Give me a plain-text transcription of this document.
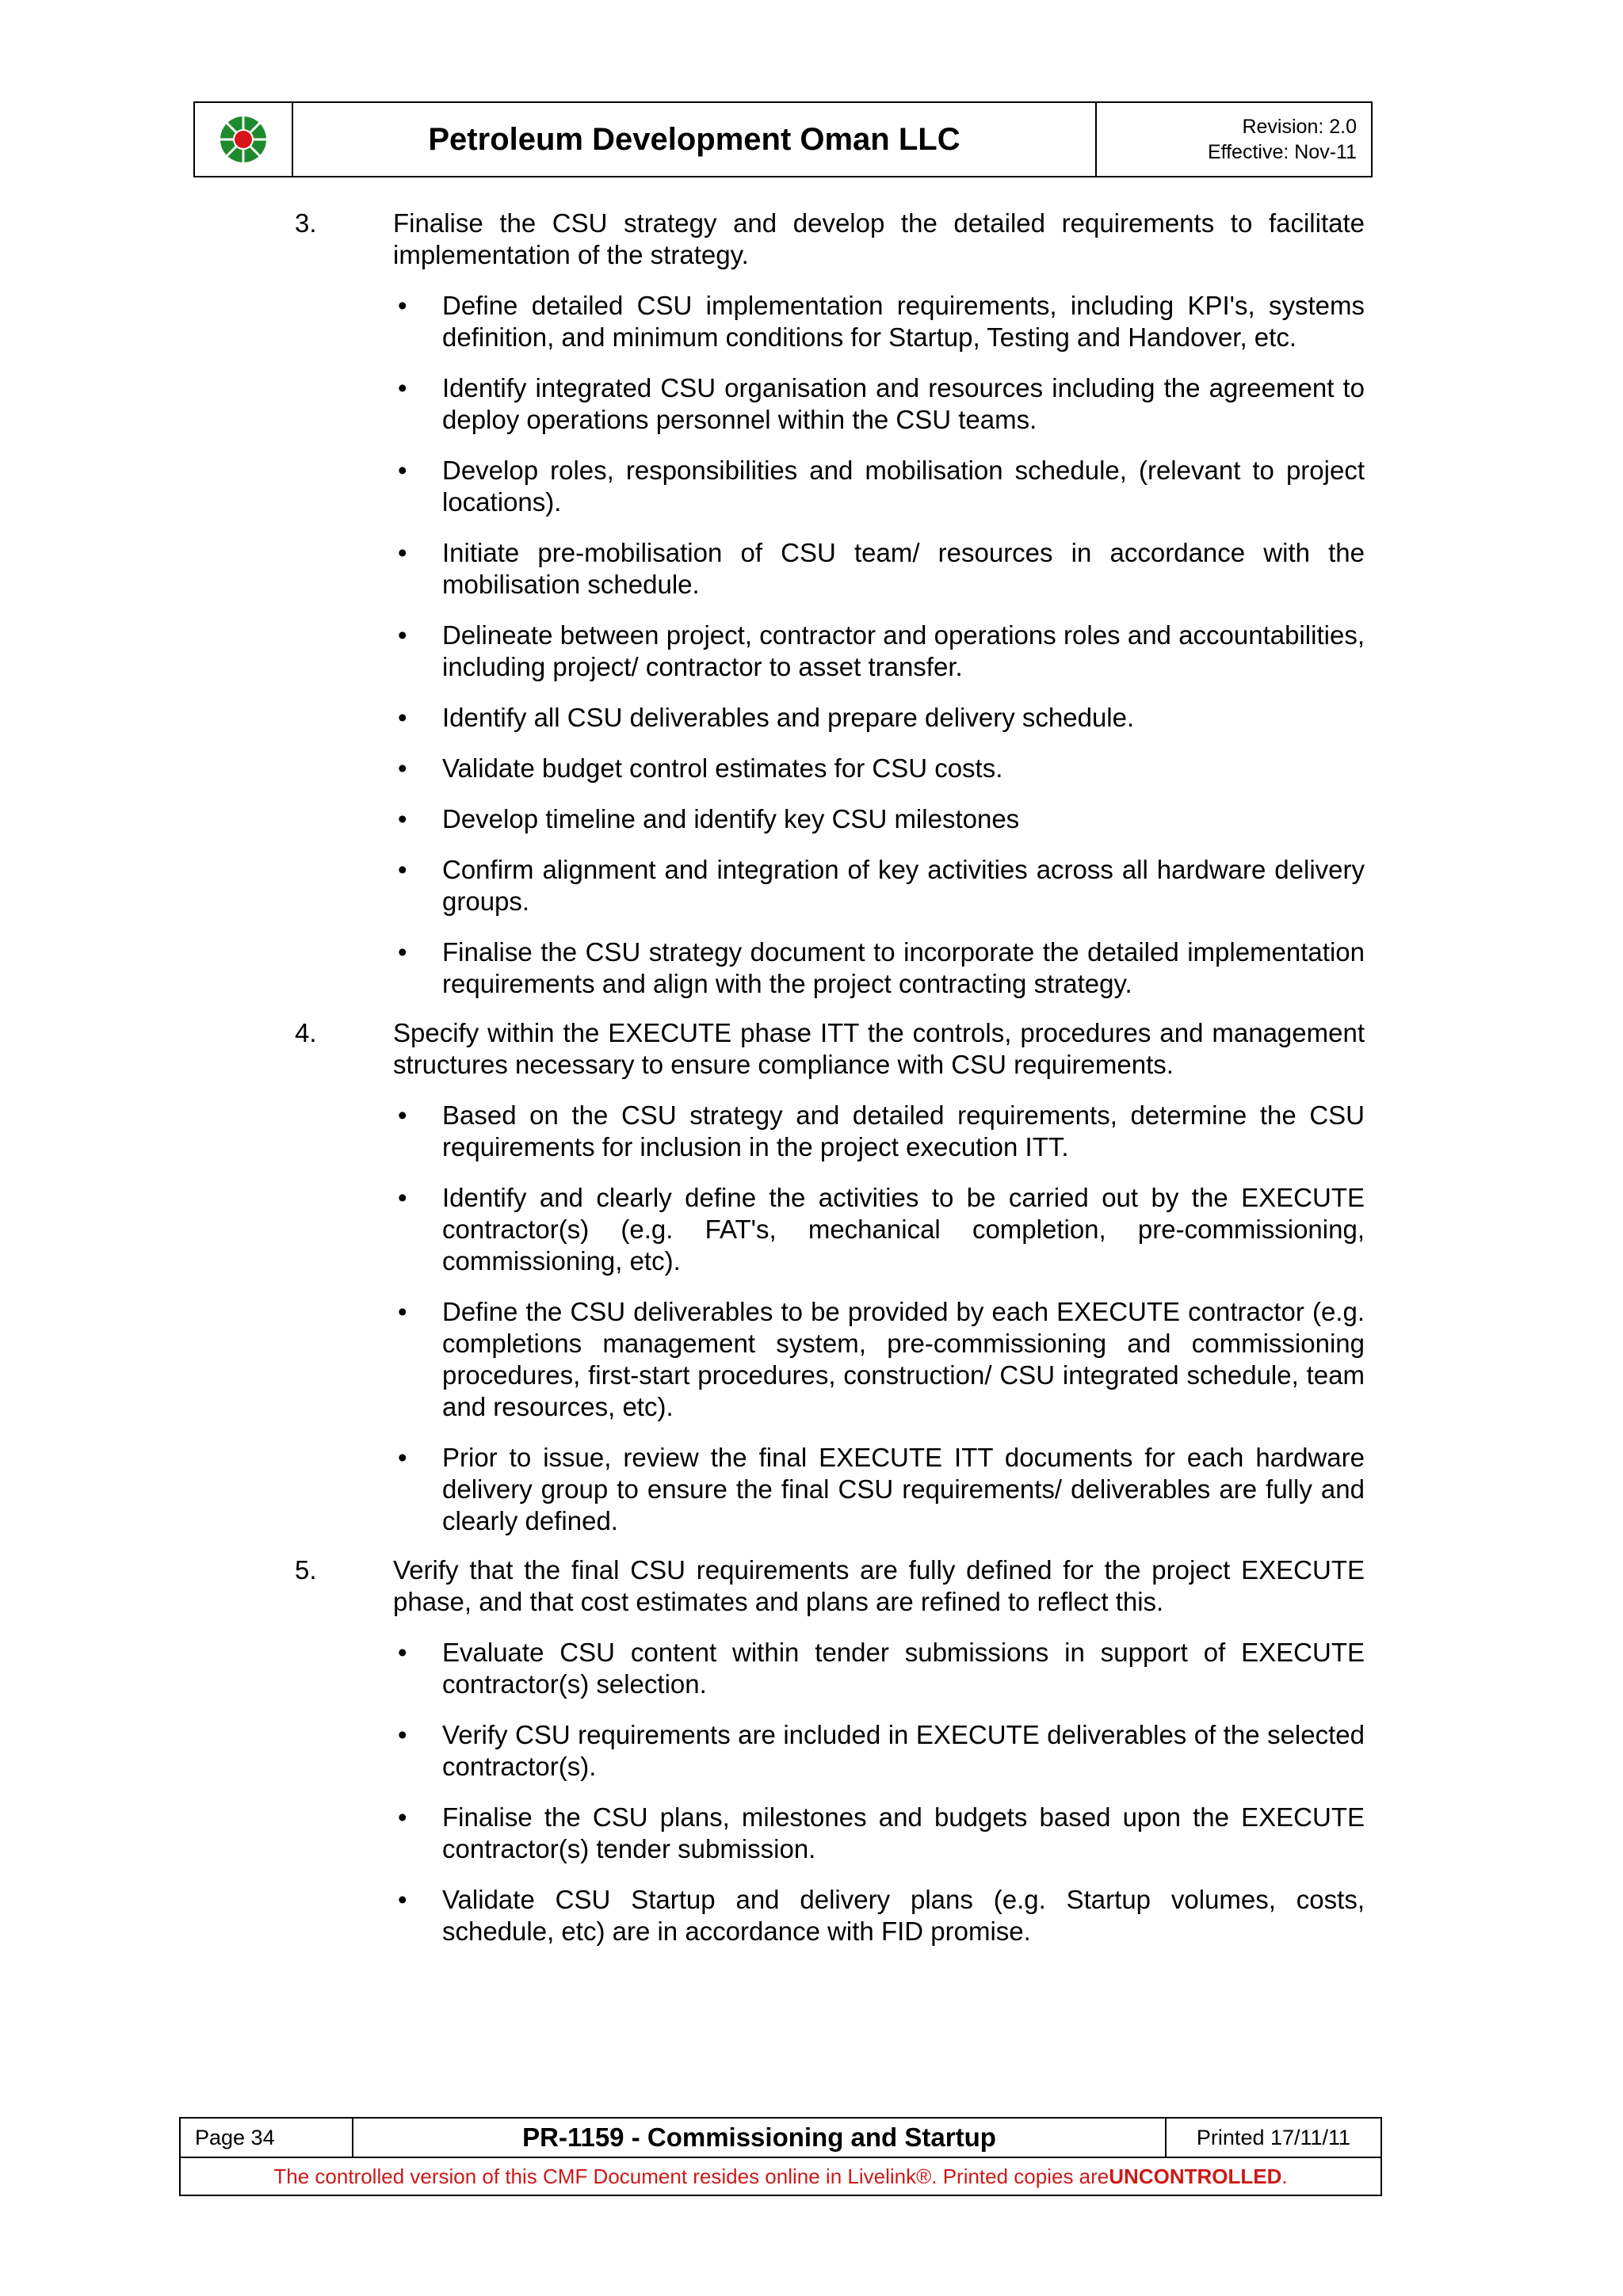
Petroleum Development Oman LLC	Revision: 2.0
Effective: Nov-11
3.	Finalise the CSU strategy and develop the detailed requirements to facilitate implementation of the strategy.
• Define detailed CSU implementation requirements, including KPI's, systems definition, and minimum conditions for Startup, Testing and Handover, etc.
• Identify integrated CSU organisation and resources including the agreement to deploy operations personnel within the CSU teams.
• Develop roles, responsibilities and mobilisation schedule, (relevant to project locations).
• Initiate pre-mobilisation of CSU team/ resources in accordance with the mobilisation schedule.
• Delineate between project, contractor and operations roles and accountabilities, including project/ contractor to asset transfer.
• Identify all CSU deliverables and prepare delivery schedule.
• Validate budget control estimates for CSU costs.
• Develop timeline and identify key CSU milestones
• Confirm alignment and integration of key activities across all hardware delivery groups.
• Finalise the CSU strategy document to incorporate the detailed implementation requirements and align with the project contracting strategy.
4.	Specify within the EXECUTE phase ITT the controls, procedures and management structures necessary to ensure compliance with CSU requirements.
• Based on the CSU strategy and detailed requirements, determine the CSU requirements for inclusion in the project execution ITT.
• Identify and clearly define the activities to be carried out by the EXECUTE contractor(s) (e.g. FAT's, mechanical completion, pre-commissioning, commissioning, etc).
• Define the CSU deliverables to be provided by each EXECUTE contractor (e.g. completions management system, pre-commissioning and commissioning procedures, first-start procedures, construction/ CSU integrated schedule, team and resources, etc).
• Prior to issue, review the final EXECUTE ITT documents for each hardware delivery group to ensure the final CSU requirements/ deliverables are fully and clearly defined.
5.	Verify that the final CSU requirements are fully defined for the project EXECUTE phase, and that cost estimates and plans are refined to reflect this.
• Evaluate CSU content within tender submissions in support of EXECUTE contractor(s) selection.
• Verify CSU requirements are included in EXECUTE deliverables of the selected contractor(s).
• Finalise the CSU plans, milestones and budgets based upon the EXECUTE contractor(s) tender submission.
• Validate CSU Startup and delivery plans (e.g. Startup volumes, costs, schedule, etc) are in accordance with FID promise.
Page 34	PR-1159 - Commissioning and Startup	Printed 17/11/11
The controlled version of this CMF Document resides online in Livelink®. Printed copies are UNCONTROLLED .
